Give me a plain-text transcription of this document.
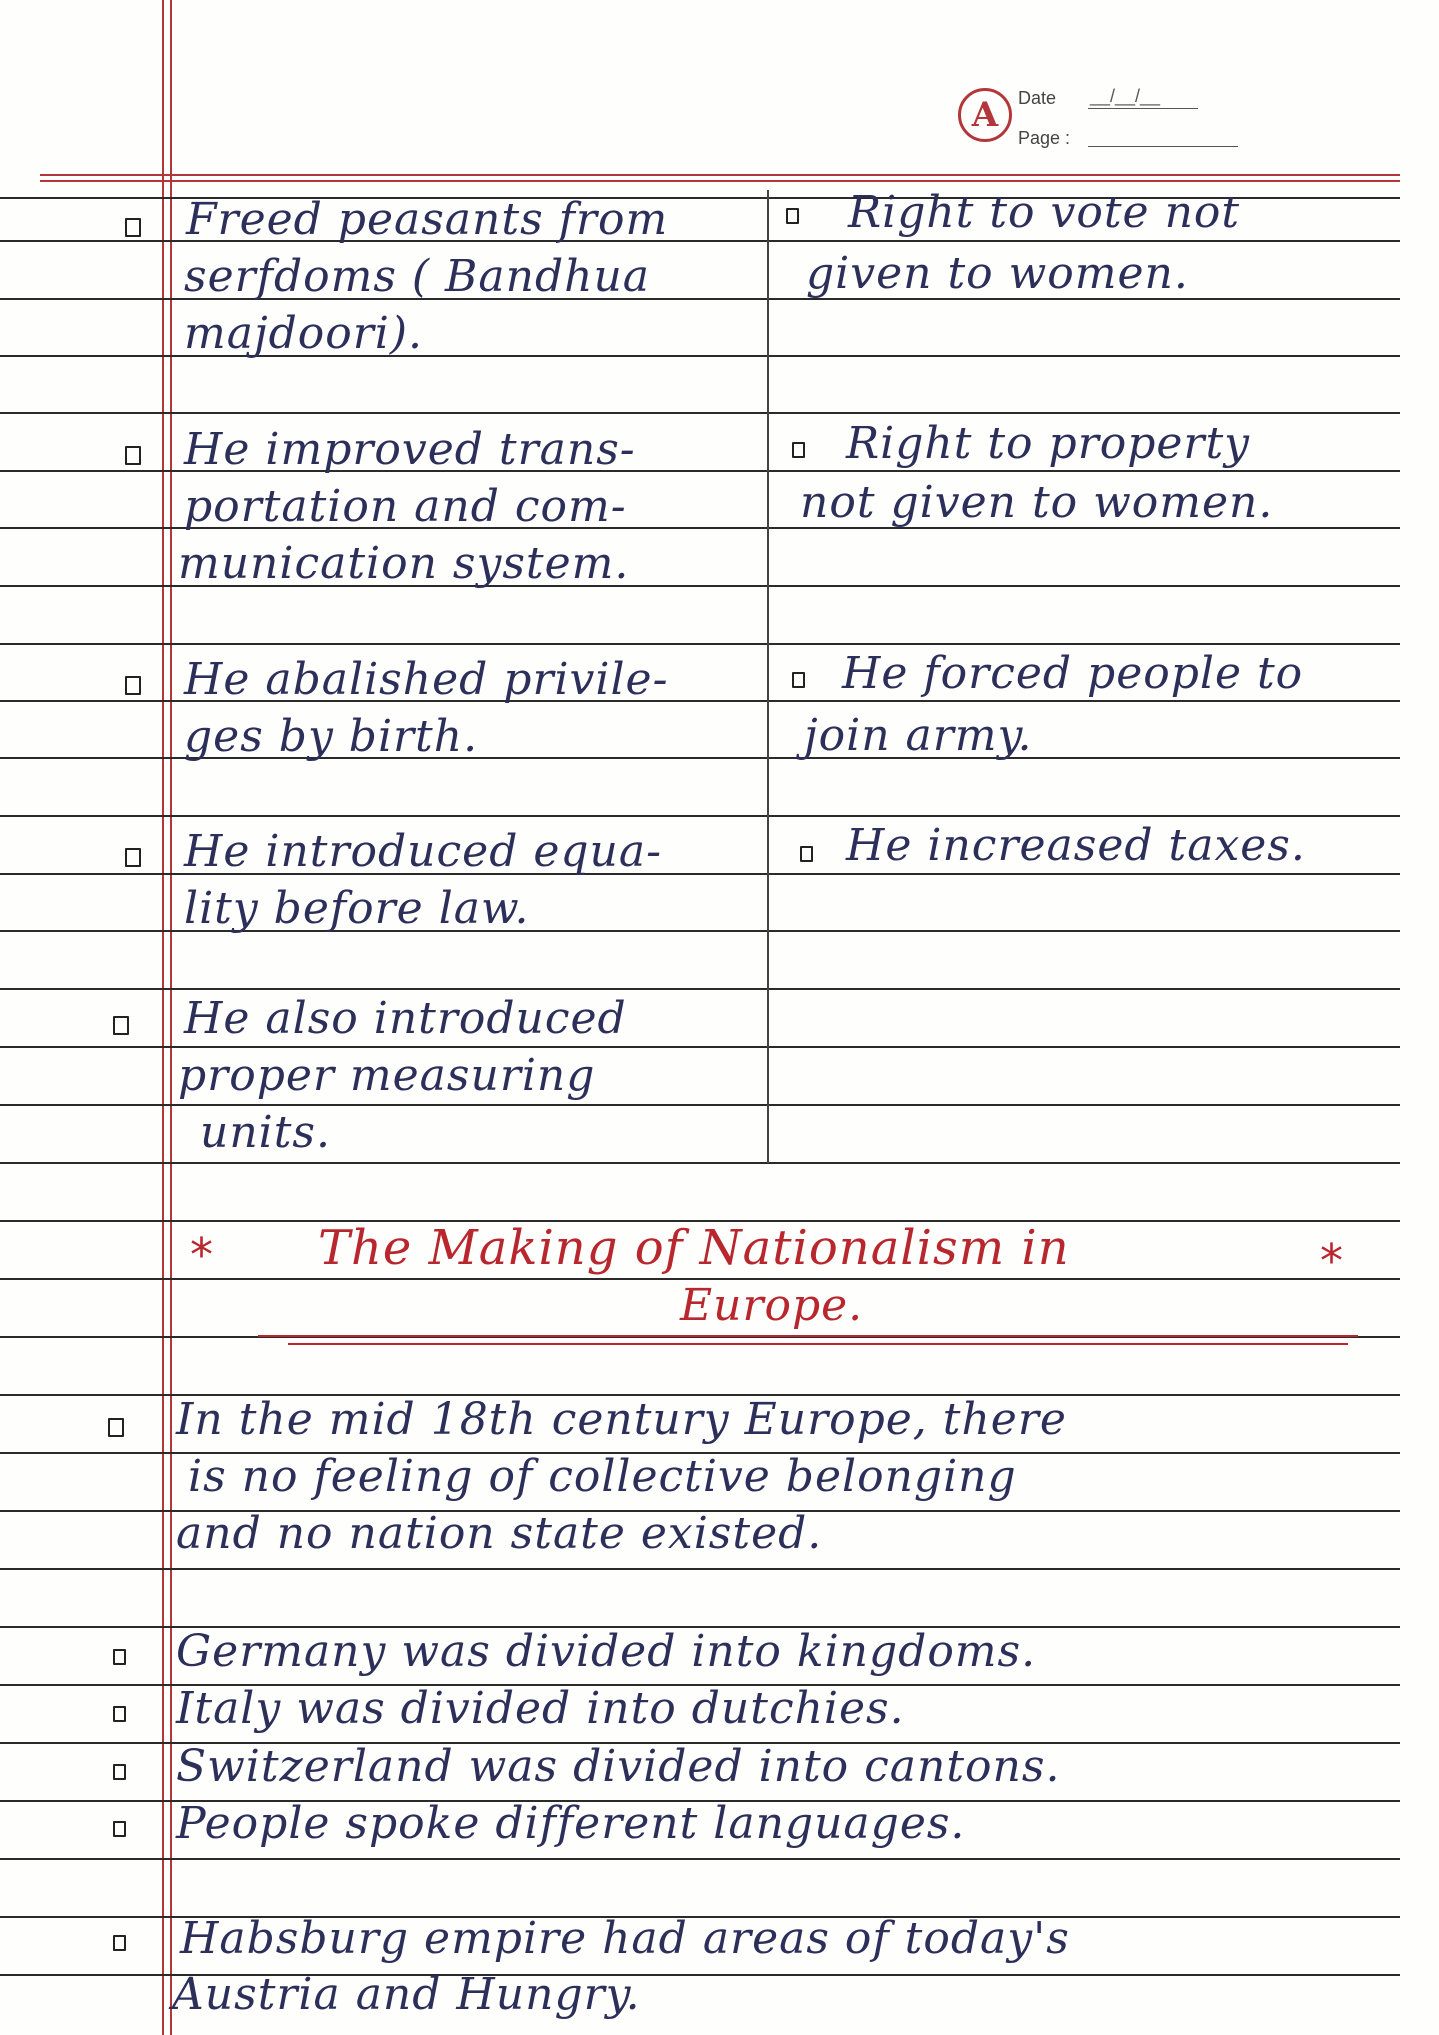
A	Date
Page :
__/__/__
Freed peasants from
serfdoms ( Bandhua
majdoori).
Right to vote not
given to women.
He improved trans-
portation and com-
munication system.
Right to property
not given to women.
He abalished privile-
ges by birth.
He forced people to
join army.
He introduced equa-
lity before law.
He increased taxes.
He also introduced
proper measuring
units.
* The Making of Nationalism in	*
Europe.
In the mid 18th century Europe, there
is no feeling of collective belonging
and no nation state existed.
Germany was divided into kingdoms.
Italy was divided into dutchies.
Switzerland was divided into cantons.
People spoke different languages.
Habsburg empire had areas of today's
Austria and Hungry.
